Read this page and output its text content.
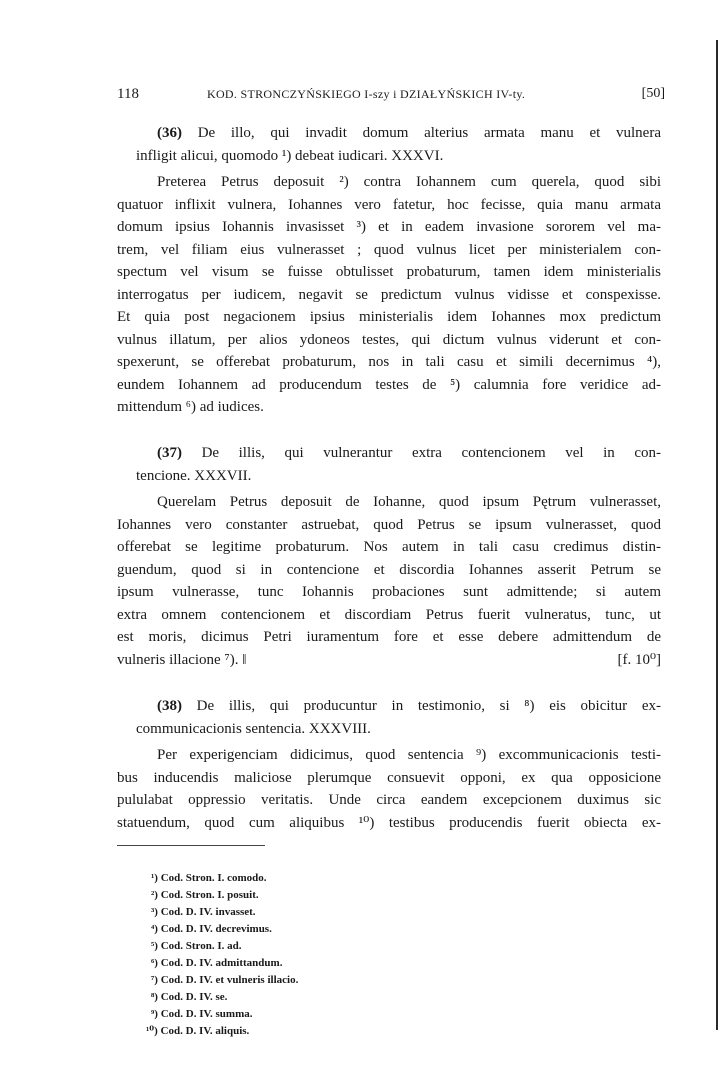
118	KOD. STRONCZYŃSKIEGO I-szy i DZIAŁYŃSKICH IV-ty.	[50]
(36) De illo, qui invadit domum alterius armata manu et vulnera
infligit alicui, quomodo ¹) debeat iudicari. XXXVI.
Preterea Petrus deposuit ²) contra Iohannem cum querela, quod sibi
quatuor inflixit vulnera, Iohannes vero fatetur, hoc fecisse, quia manu armata
domum ipsius Iohannis invasisset ³) et in eadem invasione sororem vel ma-
trem, vel filiam eius vulnerasset ; quod vulnus licet per ministerialem con-
spectum vel visum se fuisse obtulisset probaturum, tamen idem ministerialis
interrogatus per iudicem, negavit se predictum vulnus vidisse et conspexisse.
Et quia post negacionem ipsius ministerialis idem Iohannes mox predictum
vulnus illatum, per alios ydoneos testes, qui dictum vulnus viderunt et con-
spexerunt, se offerebat probaturum, nos in tali casu et simili decernimus ⁴),
eundem Iohannem ad producendum testes de ⁵) calumnia fore veridice ad-
mittendum ⁶) ad iudices.
(37) De illis, qui vulnerantur extra contencionem vel in con-
tencione. XXXVII.
Querelam Petrus deposuit de Iohanne, quod ipsum Pętrum vulnerasset,
Iohannes vero constanter astruebat, quod Petrus se ipsum vulnerasset, quod
offerebat se legitime probaturum. Nos autem in tali casu credimus distin-
guendum, quod si in contencione et discordia Iohannes asserit Petrum se
ipsum vulnerasse, tunc Iohannis probaciones sunt admittende; si autem
extra omnem contencionem et discordiam Petrus fuerit vulneratus, tunc, ut
est moris, dicimus Petri iuramentum fore et esse debere admittendum de
vulneris illacione ⁷). ‖	[f. 10⁰]
(38) De illis, qui producuntur in testimonio, si ⁸) eis obicitur ex-
communicacionis sentencia. XXXVIII.
Per experigenciam didicimus, quod sentencia ⁹) excommunicacionis testi-
bus inducendis maliciose plerumque consuevit opponi, ex qua opposicione
pululabat oppressio veritatis. Unde circa eandem excepcionem duximus sic
statuendum, quod cum aliquibus ¹⁰) testibus producendis fuerit obiecta ex-
¹) Cod. Stron. I. comodo.
²) Cod. Stron. I. posuit.
³) Cod. D. IV. invasset.
⁴) Cod. D. IV. decrevimus.
⁵) Cod. Stron. I. ad.
⁶) Cod. D. IV. admittandum.
⁷) Cod. D. IV. et vulneris illacio.
⁸) Cod. D. IV. se.
⁹) Cod. D. IV. summa.
¹⁰) Cod. D. IV. aliquis.
